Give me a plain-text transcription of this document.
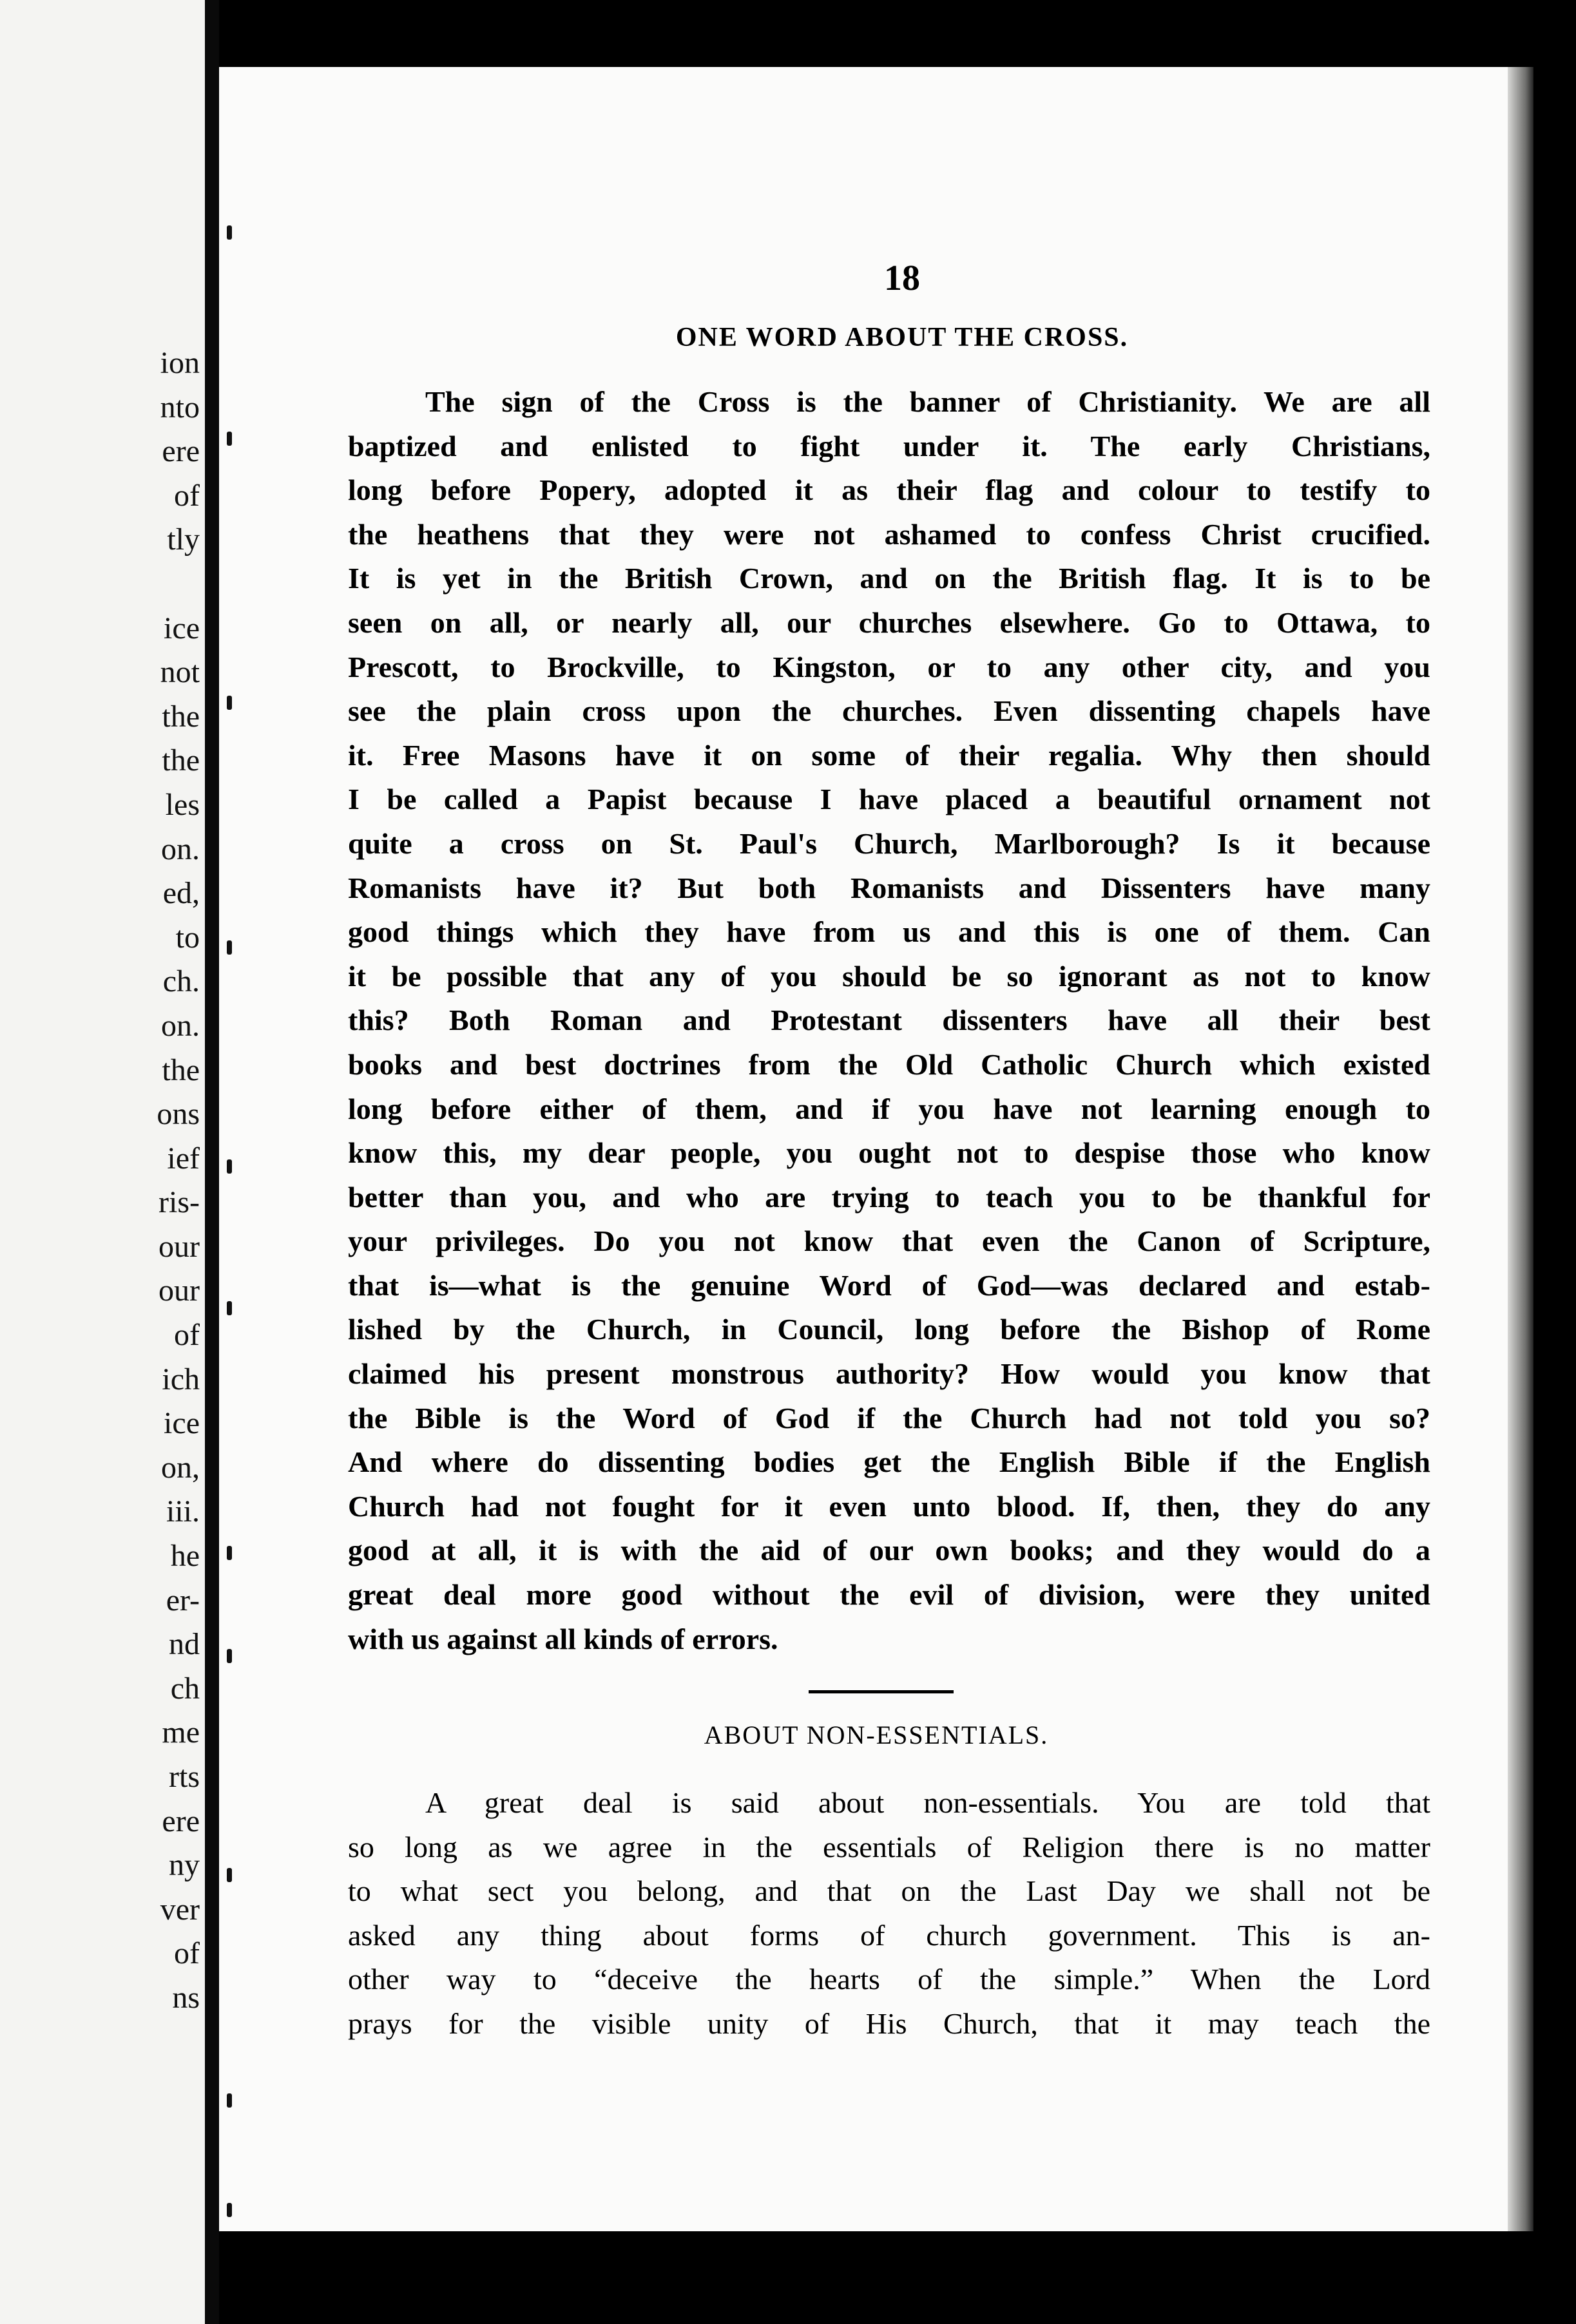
ion
nto
ere
of
tly
ice
not
the
the
les
on.
ed,
to
ch.
on.
the
ons
ief
ris-
our
our
of
ich
ice
on,
iii.
he
er-
nd
ch
me
rts
ere
ny
ver
of
ns
18
ONE WORD ABOUT THE CROSS.
The sign of the Cross is the banner of Christianity. We are all
baptized and enlisted to fight under it. The early Christians,
long before Popery, adopted it as their flag and colour to testify to
the heathens that they were not ashamed to confess Christ crucified.
It is yet in the British Crown, and on the British flag. It is to be
seen on all, or nearly all, our churches elsewhere. Go to Ottawa, to
Prescott, to Brockville, to Kingston, or to any other city, and you
see the plain cross upon the churches. Even dissenting chapels have
it. Free Masons have it on some of their regalia. Why then should
I be called a Papist because I have placed a beautiful ornament not
quite a cross on St. Paul's Church, Marlborough? Is it because
Romanists have it? But both Romanists and Dissenters have many
good things which they have from us and this is one of them. Can
it be possible that any of you should be so ignorant as not to know
this? Both Roman and Protestant dissenters have all their best
books and best doctrines from the Old Catholic Church which existed
long before either of them, and if you have not learning enough to
know this, my dear people, you ought not to despise those who know
better than you, and who are trying to teach you to be thankful for
your privileges. Do you not know that even the Canon of Scripture,
that is—what is the genuine Word of God—was declared and estab-
lished by the Church, in Council, long before the Bishop of Rome
claimed his present monstrous authority? How would you know that
the Bible is the Word of God if the Church had not told you so?
And where do dissenting bodies get the English Bible if the English
Church had not fought for it even unto blood. If, then, they do any
good at all, it is with the aid of our own books; and they would do a
great deal more good without the evil of division, were they united
with us against all kinds of errors.
ABOUT NON-ESSENTIALS.
A great deal is said about non-essentials. You are told that
so long as we agree in the essentials of Religion there is no matter
to what sect you belong, and that on the Last Day we shall not be
asked any thing about forms of church government. This is an-
other way to “deceive the hearts of the simple.” When the Lord
prays for the visible unity of His Church, that it may teach the
